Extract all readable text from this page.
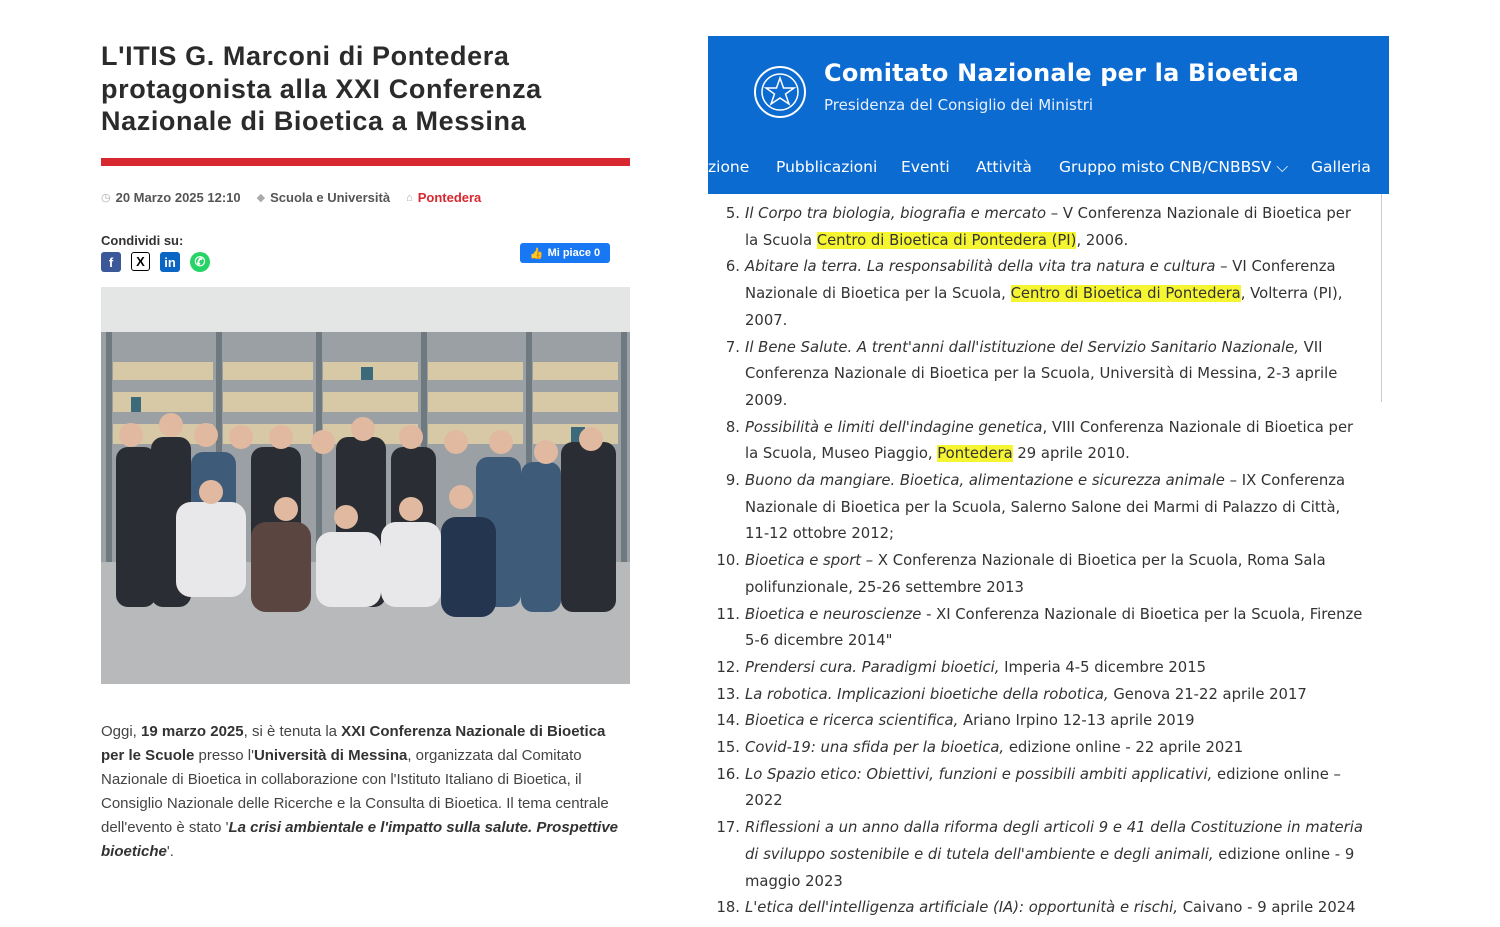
L'ITIS G. Marconi di Pontedera protagonista alla XXI Conferenza Nazionale di Bioetica a Messina
◷ 20 Marzo 2025 12:10 ◆ Scuola e Università ⌂ Pontedera
Condividi su:
f	X	in	✆
👍 Mi piace 0
Oggi, 19 marzo 2025, si è tenuta la XXI Conferenza Nazionale di Bioetica per le Scuole presso l'Università di Messina, organizzata dal Comitato Nazionale di Bioetica in collaborazione con l'Istituto Italiano di Bioetica, il Consiglio Nazionale delle Ricerche e la Consulta di Bioetica. Il tema centrale dell'evento è stato 'La crisi ambientale e l'impatto sulla salute. Prospettive bioetiche'.
Comitato Nazionale per la Bioetica
Presidenza del Consiglio dei Ministri
zione Pubblicazioni Eventi Attività Gruppo misto CNB/CNBBSV ⌵ Galleria
5. Il Corpo tra biologia, biografia e mercato – V Conferenza Nazionale di Bioetica per la Scuola Centro di Bioetica di Pontedera (PI), 2006.
6. Abitare la terra. La responsabilità della vita tra natura e cultura – VI Conferenza Nazionale di Bioetica per la Scuola, Centro di Bioetica di Pontedera, Volterra (PI), 2007.
7. Il Bene Salute. A trent'anni dall'istituzione del Servizio Sanitario Nazionale, VII Conferenza Nazionale di Bioetica per la Scuola, Università di Messina, 2-3 aprile 2009.
8. Possibilità e limiti dell'indagine genetica, VIII Conferenza Nazionale di Bioetica per la Scuola, Museo Piaggio, Pontedera 29 aprile 2010.
9. Buono da mangiare. Bioetica, alimentazione e sicurezza animale – IX Conferenza Nazionale di Bioetica per la Scuola, Salerno Salone dei Marmi di Palazzo di Città, 11-12 ottobre 2012;
10. Bioetica e sport – X Conferenza Nazionale di Bioetica per la Scuola, Roma Sala polifunzionale, 25-26 settembre 2013
11. Bioetica e neuroscienze - XI Conferenza Nazionale di Bioetica per la Scuola, Firenze 5-6 dicembre 2014"
12. Prendersi cura. Paradigmi bioetici, Imperia 4-5 dicembre 2015
13. La robotica. Implicazioni bioetiche della robotica, Genova 21-22 aprile 2017
14. Bioetica e ricerca scientifica, Ariano Irpino 12-13 aprile 2019
15. Covid-19: una sfida per la bioetica, edizione online - 22 aprile 2021
16. Lo Spazio etico: Obiettivi, funzioni e possibili ambiti applicativi, edizione online – 2022
17. Riflessioni a un anno dalla riforma degli articoli 9 e 41 della Costituzione in materia di sviluppo sostenibile e di tutela dell'ambiente e degli animali, edizione online - 9 maggio 2023
18. L'etica dell'intelligenza artificiale (IA): opportunità e rischi, Caivano - 9 aprile 2024
